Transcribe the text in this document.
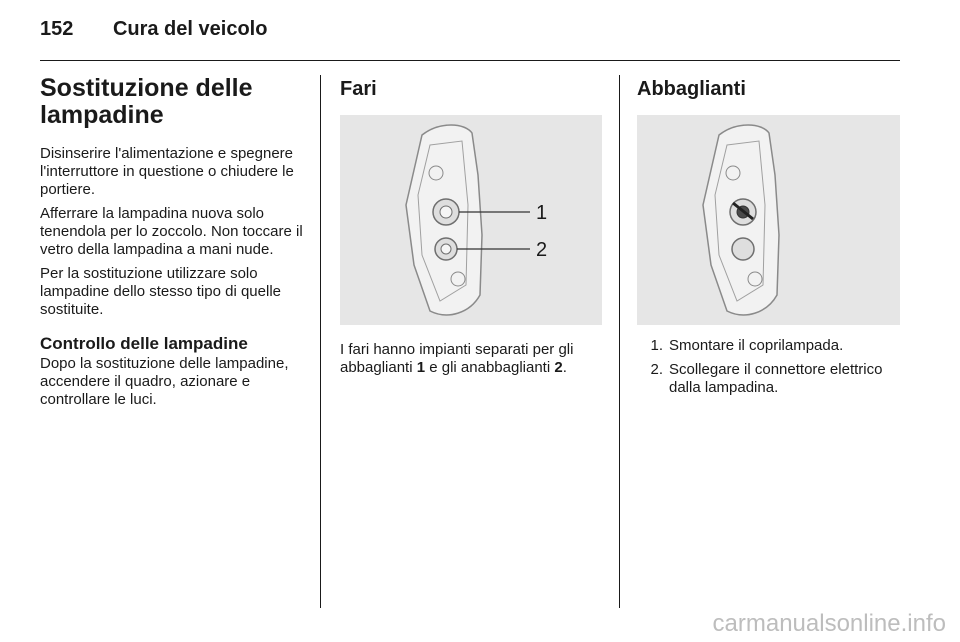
152 Cura del veicolo
Sostituzione delle lampadine

Disinserire l'alimentazione e spegnere l'interruttore in questione o chiudere le portiere.

Afferrare la lampadina nuova solo tenendola per lo zoccolo. Non toccare il vetro della lampadina a mani nude.

Per la sostituzione utilizzare solo lampadine dello stesso tipo di quelle sostituite.

Controllo delle lampadine

Dopo la sostituzione delle lampadine, accendere il quadro, azionare e controllare le luci.

Fari
1
2

I fari hanno impianti separati per gli abbaglianti 1 e gli anabbaglianti 2.

Abbaglianti
1. Smontare il coprilampada.
2. Scollegare il connettore elettrico dalla lampadina.
carmanualsonline.info
